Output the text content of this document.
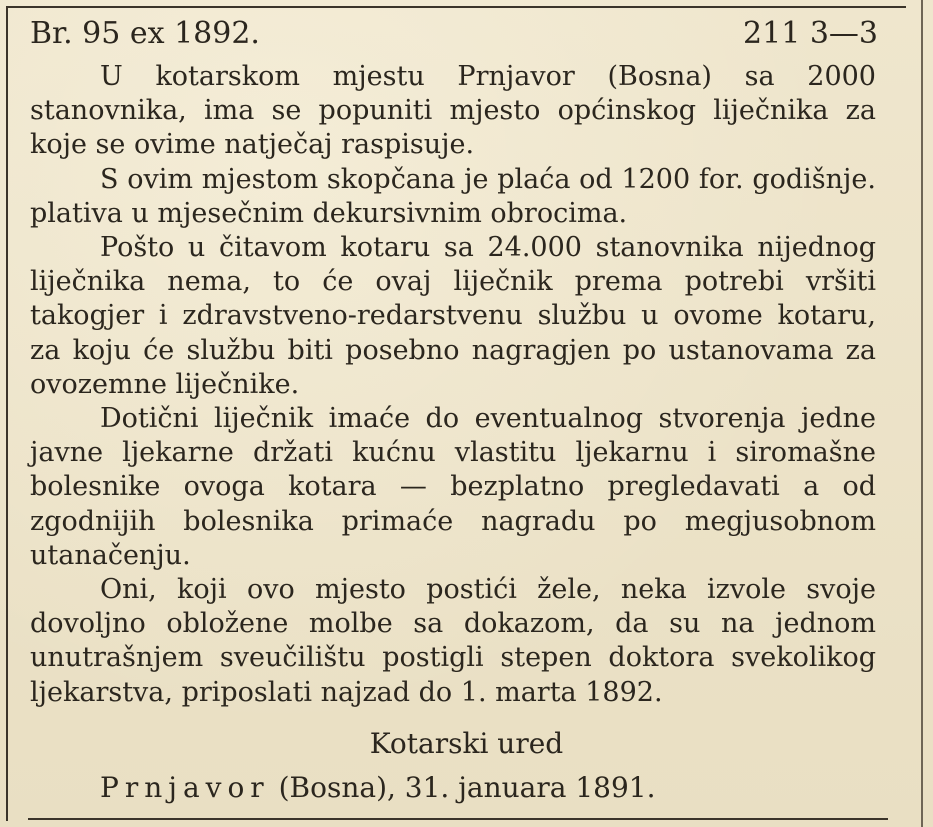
Br. 95 ex 1892.	211 3—3

U kotarskom mjestu Prnjavor (Bosna) sa 2000 stanovnika, ima se popuniti mjesto općinskog liječnika za koje se ovime natječaj raspisuje.

S ovim mjestom skopčana je plaća od 1200 for. godišnje. plativa u mjesečnim dekursivnim obrocima.

Pošto u čitavom kotaru sa 24.000 stanovnika nijednog liječnika nema, to će ovaj liječnik prema potrebi vršiti takogjer i zdravstveno-redarstvenu službu u ovome kotaru, za koju će službu biti posebno nagragjen po ustanovama za ovozemne liječnike.

Dotični liječnik imaće do eventualnog stvorenja jedne javne ljekarne držati kućnu vlastitu ljekarnu i siromašne bolesnike ovoga kotara — bezplatno pregledavati a od zgodnijih bolesnika primaće nagradu po megjusobnom utanačenju.

Oni, koji ovo mjesto postići žele, neka izvole svoje dovoljno obložene molbe sa dokazom, da su na jednom unutrašnjem sveučilištu postigli stepen doktora svekolikog ljekarstva, priposlati najzad do 1. marta 1892.

Kotarski ured
Prnjavor (Bosna), 31. januara 1891.
